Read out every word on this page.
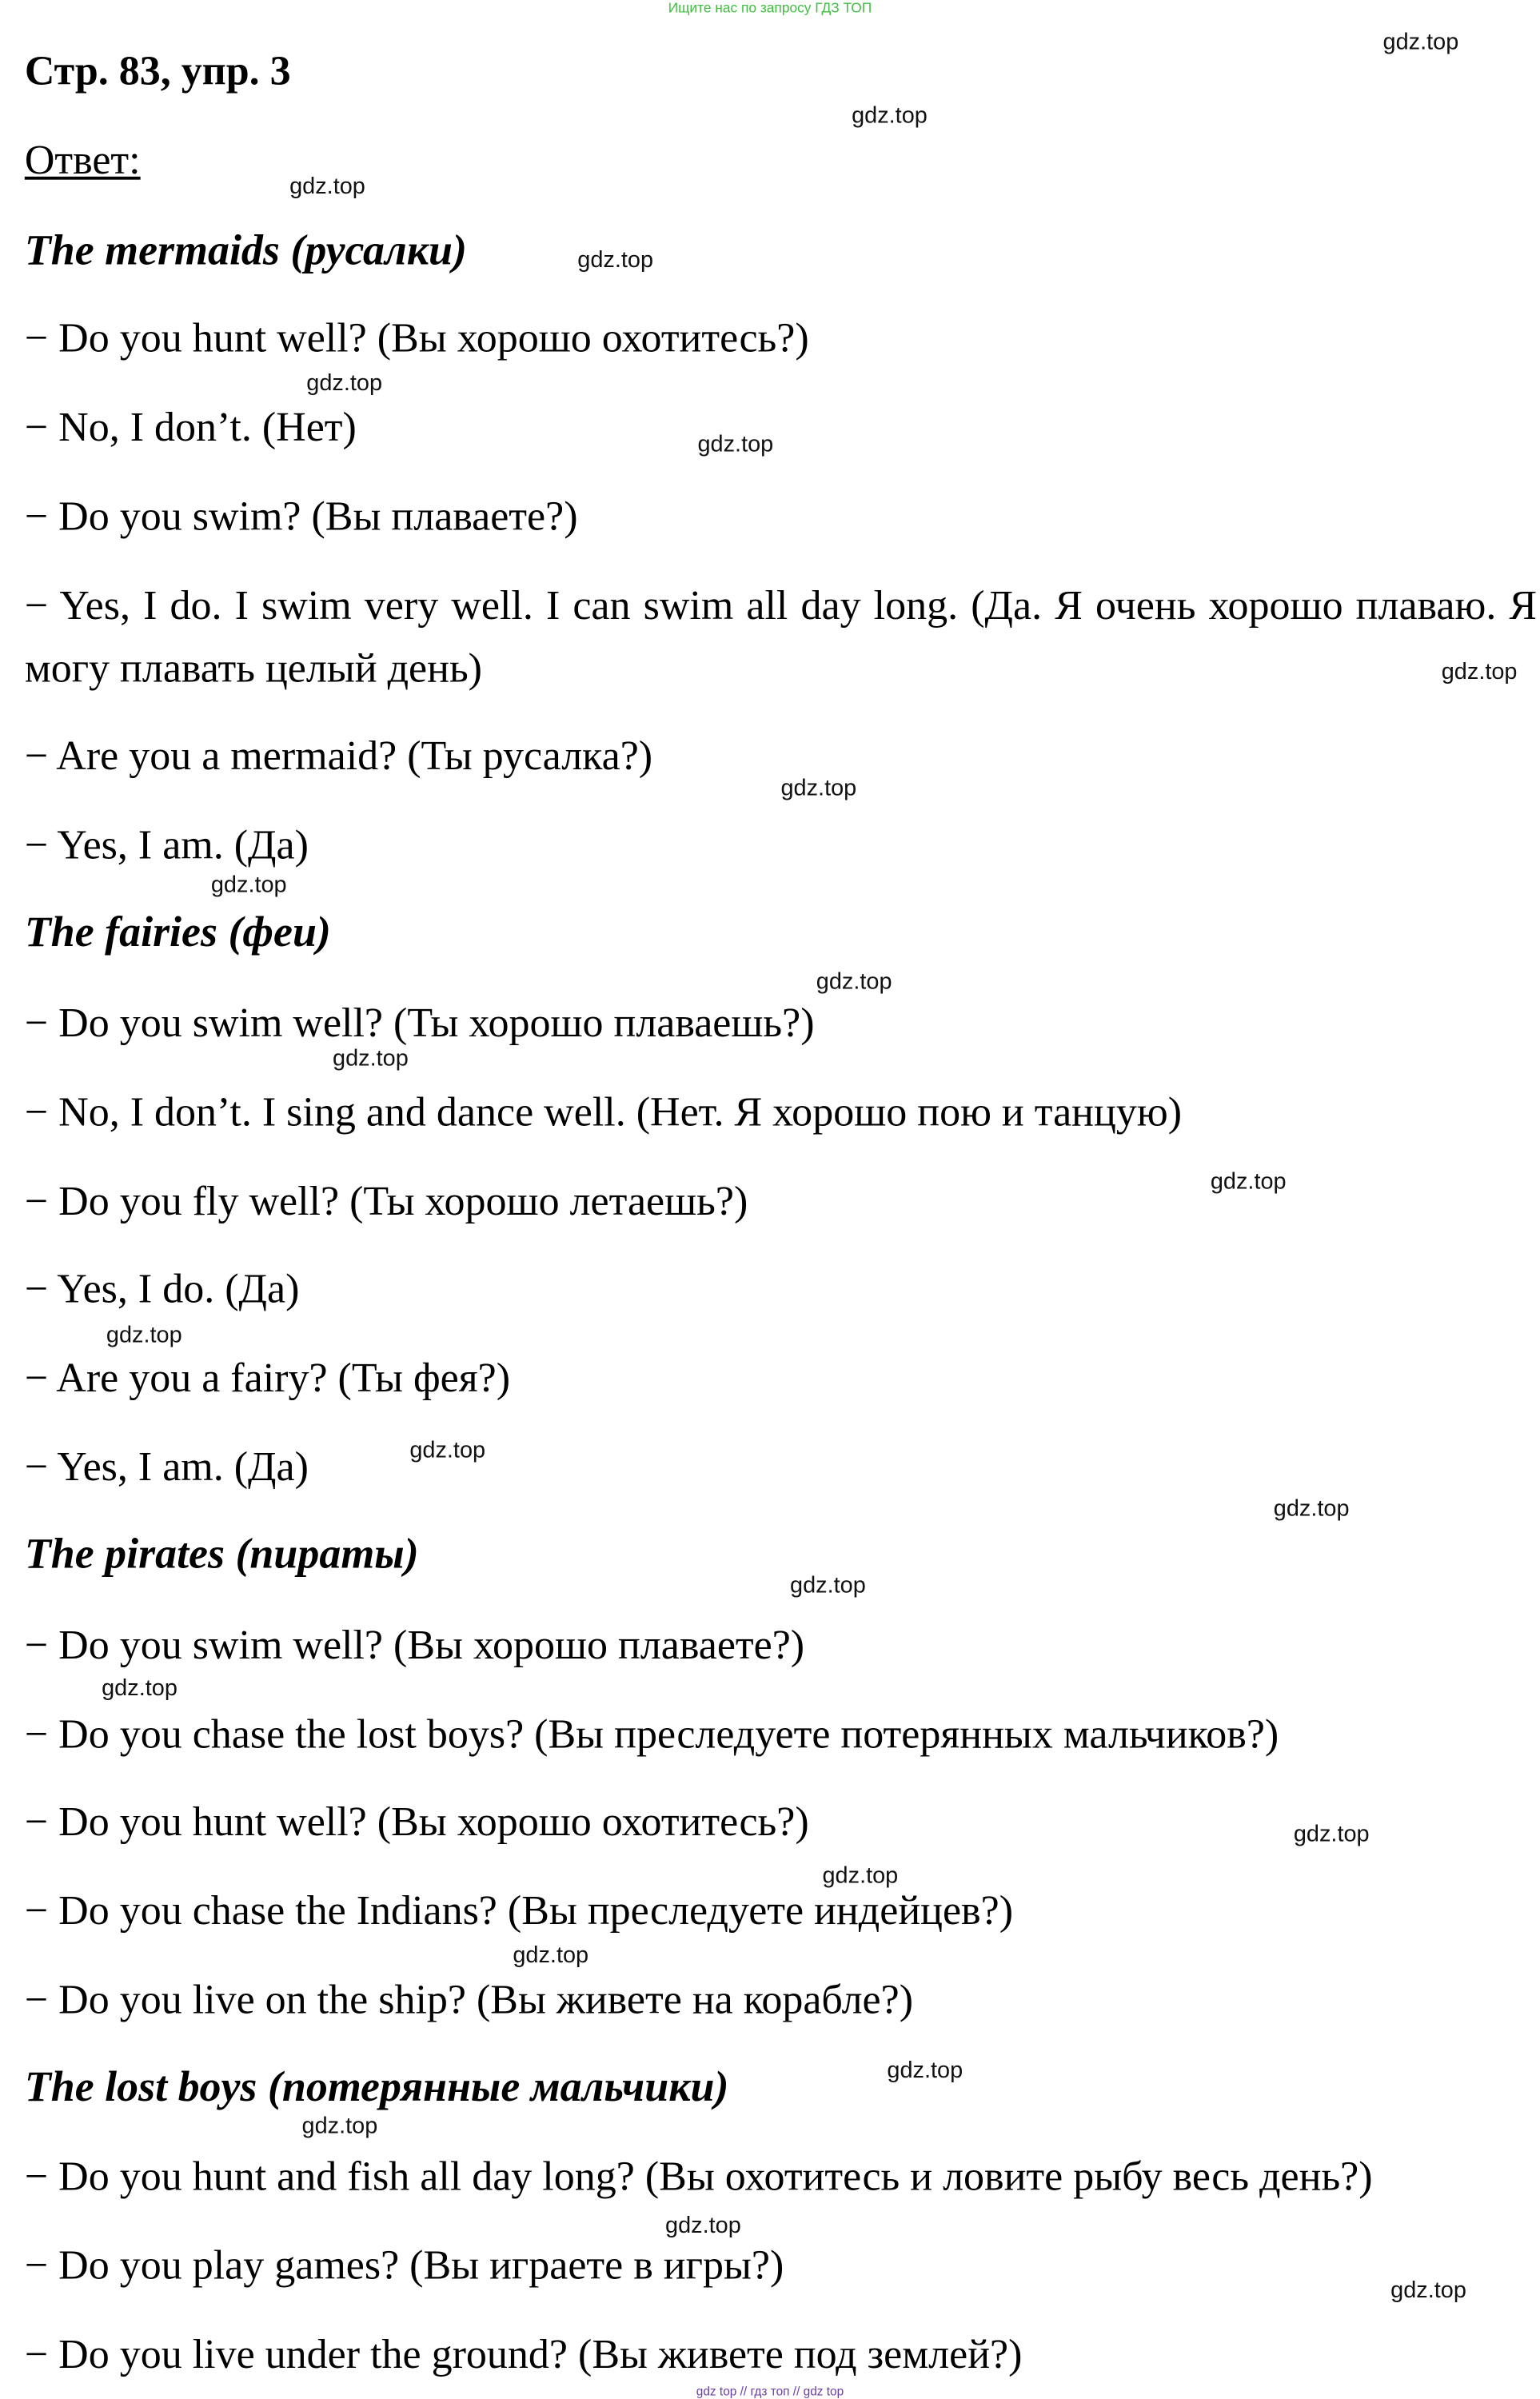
Ищите нас по запросу ГДЗ ТОП
Стр. 83, упр. 3
Ответ:
The mermaids (русалки)
− Do you hunt well? (Вы хорошо охотитесь?)
− No, I don’t. (Нет)
− Do you swim? (Вы плаваете?)
− Yes, I do. I swim very well. I can swim all day long. (Да. Я очень хорошо плаваю. Я могу плавать целый день)
− Are you a mermaid? (Ты русалка?)
− Yes, I am. (Да)
The fairies (феи)
− Do you swim well? (Ты хорошо плаваешь?)
− No, I don’t. I sing and dance well. (Нет. Я хорошо пою и танцую)
− Do you fly well? (Ты хорошо летаешь?)
− Yes, I do. (Да)
− Are you a fairy? (Ты фея?)
− Yes, I am. (Да)
The pirates (пираты)
− Do you swim well? (Вы хорошо плаваете?)
− Do you chase the lost boys? (Вы преследуете потерянных мальчиков?)
− Do you hunt well? (Вы хорошо охотитесь?)
− Do you chase the Indians? (Вы преследуете индейцев?)
− Do you live on the ship? (Вы живете на корабле?)
The lost boys (потерянные мальчики)
− Do you hunt and fish all day long? (Вы охотитесь и ловите рыбу весь день?)
− Do you play games? (Вы играете в игры?)
− Do you live under the ground? (Вы живете под землей?)
gdz.top
gdz.top
gdz.top
gdz.top
gdz.top
gdz.top
gdz.top
gdz.top
gdz.top
gdz.top
gdz.top
gdz.top
gdz.top
gdz.top
gdz.top
gdz.top
gdz.top
gdz.top
gdz.top
gdz.top
gdz.top
gdz.top
gdz.top
gdz.top
gdz top // гдз топ // gdz top
